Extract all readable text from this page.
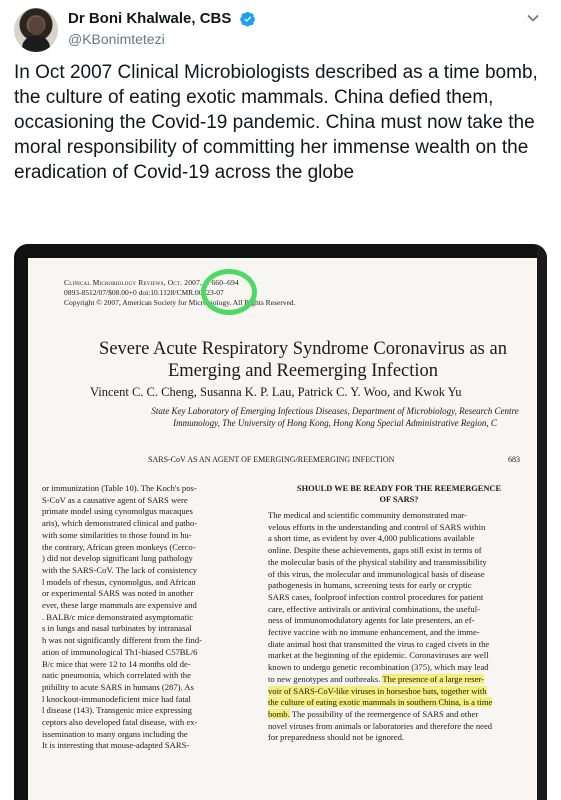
Dr Boni Khalwale, CBS
@KBonimtetezi

In Oct 2007 Clinical Microbiologists described as a time bomb, the culture of eating exotic mammals. China defied them, occasioning the Covid-19 pandemic. China must now take the moral responsibility of committing her immense wealth on the eradication of Covid-19 across the globe

Clinical Microbiology Reviews, Oct. 2007, p. 660–694
0893-8512/07/$08.00+0 doi:10.1128/CMR.00023-07
Copyright © 2007, American Society for Microbiology. All Rights Reserved.
Severe Acute Respiratory Syndrome Coronavirus as an Emerging and Reemerging Infection
Vincent C. C. Cheng, Susanna K. P. Lau, Patrick C. Y. Woo, and Kwok Yu
State Key Laboratory of Emerging Infectious Diseases, Department of Microbiology, Research Centre
Immunology, The University of Hong Kong, Hong Kong Special Administrative Region, C
SARS-CoV AS AN AGENT OF EMERGING/REEMERGING INFECTION	683
or immunization (Table 10). The Koch's pos-
S-CoV as a causative agent of SARS were
primate model using cynomolgus macaques
aris), which demonstrated clinical and patho-
with some similarities to those found in hu-
the contrary, African green monkeys (Cerco-
) did not develop significant lung pathology
with the SARS-CoV. The lack of consistency
l models of rhesus, cynomolgus, and African
or experimental SARS was noted in another
ever, these large mammals are expensive and
. BALB/c mice demonstrated asymptomatic
s in lungs and nasal turbinates by intranasal
h was not significantly different from the find-
ation of immunological Th1-biased C57BL/6
B/c mice that were 12 to 14 months old de-
natic pneumonia, which correlated with the
ptibility to acute SARS in humans (287). As
l knockout-immunodeficient mice had fatal
l disease (143). Transgenic mice expressing
ceptors also developed fatal disease, with ex-
issemination to many organs including the
It is interesting that mouse-adapted SARS-
SHOULD WE BE READY FOR THE REEMERGENCE
OF SARS?
The medical and scientific community demonstrated mar-
velous efforts in the understanding and control of SARS within
a short time, as evident by over 4,000 publications available
online. Despite these achievements, gaps still exist in terms of
the molecular basis of the physical stability and transmissibility
of this virus, the molecular and immunological basis of disease
pathogenesis in humans, screening tests for early or cryptic
SARS cases, foolproof infection control procedures for patient
care, effective antivirals or antiviral combinations, the useful-
ness of immunomodulatory agents for late presenters, an ef-
fective vaccine with no immune enhancement, and the imme-
diate animal host that transmitted the virus to caged civets in the
market at the beginning of the epidemic. Coronaviruses are well
known to undergo genetic recombination (375), which may lead
to new genotypes and outbreaks. The presence of a large reser-
voir of SARS-CoV-like viruses in horseshoe bats, together with
the culture of eating exotic mammals in southern China, is a time
bomb. The possibility of the reemergence of SARS and other
novel viruses from animals or laboratories and therefore the need
for preparedness should not be ignored.
